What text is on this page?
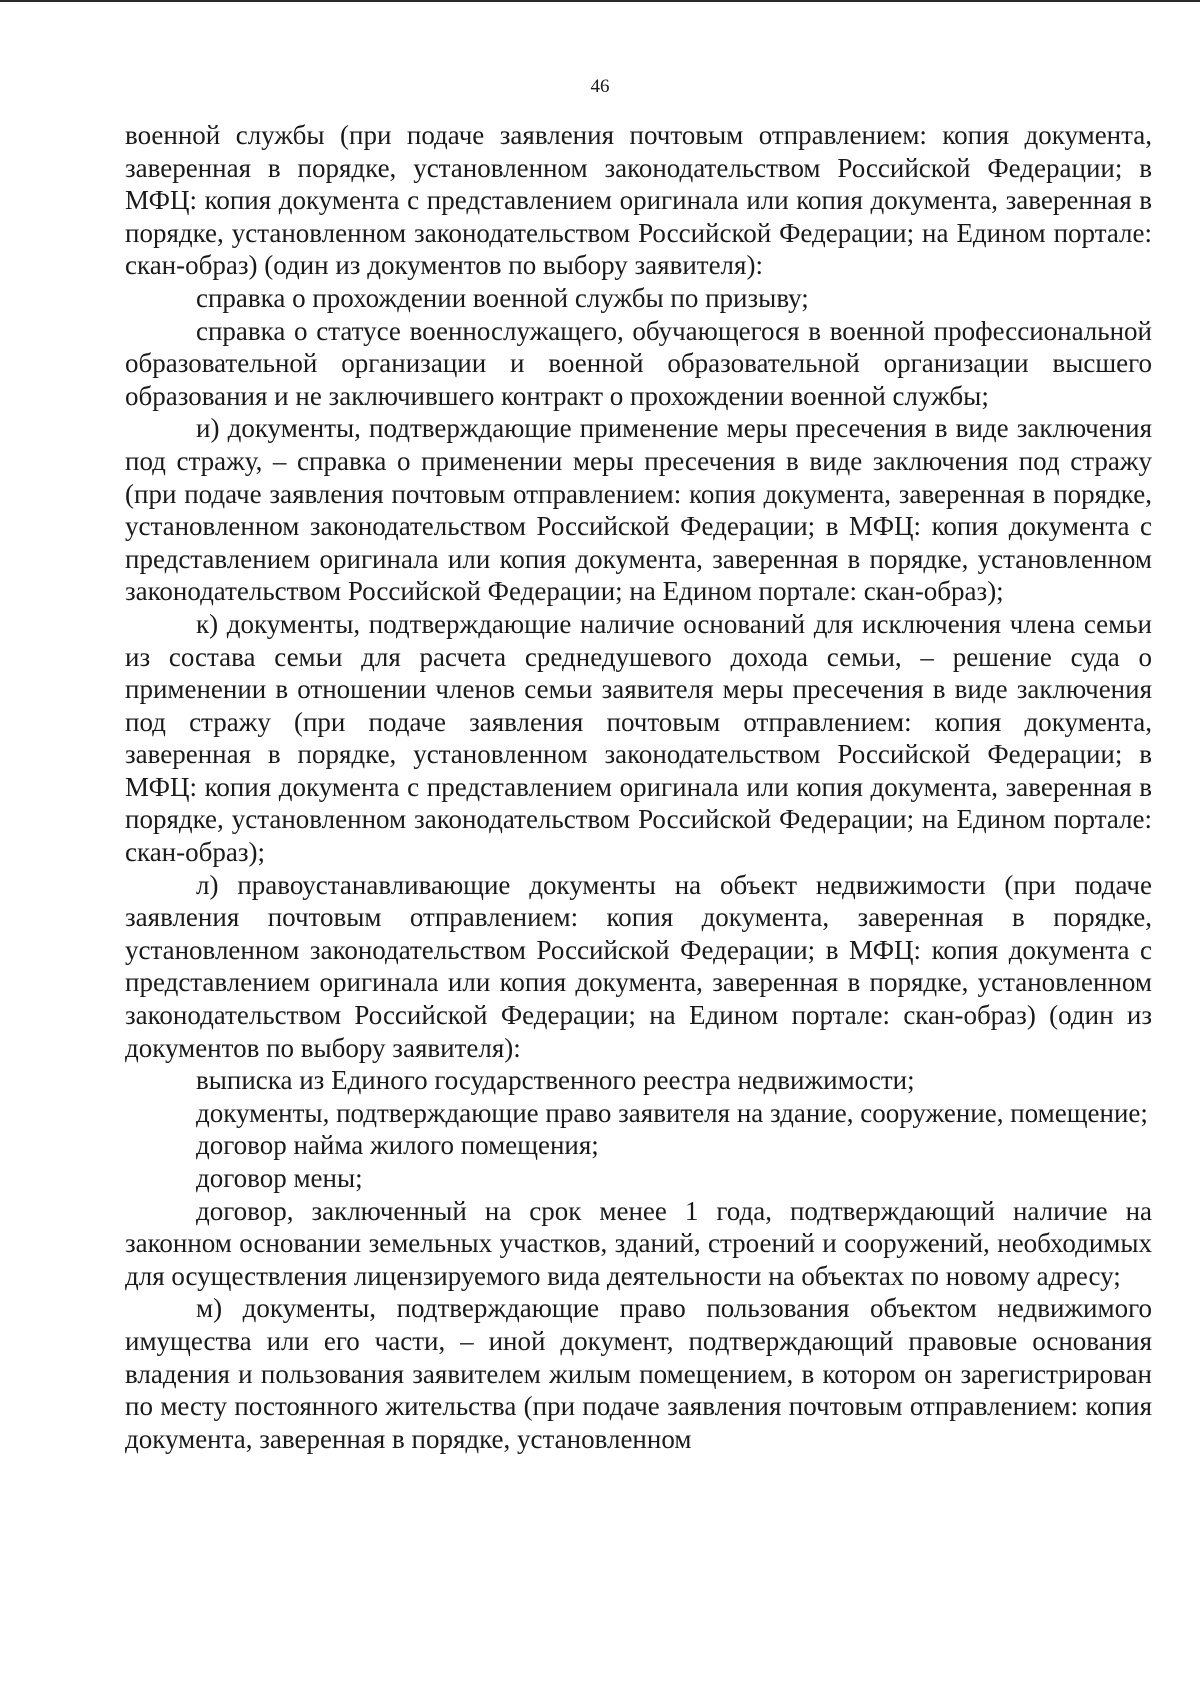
46

военной службы (при подаче заявления почтовым отправлением: копия документа, заверенная в порядке, установленном законодательством Российской Федерации; в МФЦ: копия документа с представлением оригинала или копия документа, заверенная в порядке, установленном законодательством Российской Федерации; на Едином портале: скан-образ) (один из документов по выбору заявителя):

справка о прохождении военной службы по призыву;

справка о статусе военнослужащего, обучающегося в военной профессиональной образовательной организации и военной образовательной организации высшего образования и не заключившего контракт о прохождении военной службы;

и) документы, подтверждающие применение меры пресечения в виде заключения под стражу, – справка о применении меры пресечения в виде заключения под стражу (при подаче заявления почтовым отправлением: копия документа, заверенная в порядке, установленном законодательством Российской Федерации; в МФЦ: копия документа с представлением оригинала или копия документа, заверенная в порядке, установленном законодательством Российской Федерации; на Едином портале: скан-образ);

к) документы, подтверждающие наличие оснований для исключения члена семьи из состава семьи для расчета среднедушевого дохода семьи, – решение суда о применении в отношении членов семьи заявителя меры пресечения в виде заключения под стражу (при подаче заявления почтовым отправлением: копия документа, заверенная в порядке, установленном законодательством Российской Федерации; в МФЦ: копия документа с представлением оригинала или копия документа, заверенная в порядке, установленном законодательством Российской Федерации; на Едином портале: скан-образ);

л) правоустанавливающие документы на объект недвижимости (при подаче заявления почтовым отправлением: копия документа, заверенная в порядке, установленном законодательством Российской Федерации; в МФЦ: копия документа с представлением оригинала или копия документа, заверенная в порядке, установленном законодательством Российской Федерации; на Едином портале: скан-образ) (один из документов по выбору заявителя):

выписка из Единого государственного реестра недвижимости;

документы, подтверждающие право заявителя на здание, сооружение, помещение;

договор найма жилого помещения;

договор мены;

договор, заключенный на срок менее 1 года, подтверждающий наличие на законном основании земельных участков, зданий, строений и сооружений, необходимых для осуществления лицензируемого вида деятельности на объектах по новому адресу;

м) документы, подтверждающие право пользования объектом недвижимого имущества или его части, – иной документ, подтверждающий правовые основания владения и пользования заявителем жилым помещением, в котором он зарегистрирован по месту постоянного жительства (при подаче заявления почтовым отправлением: копия документа, заверенная в порядке, установленном
